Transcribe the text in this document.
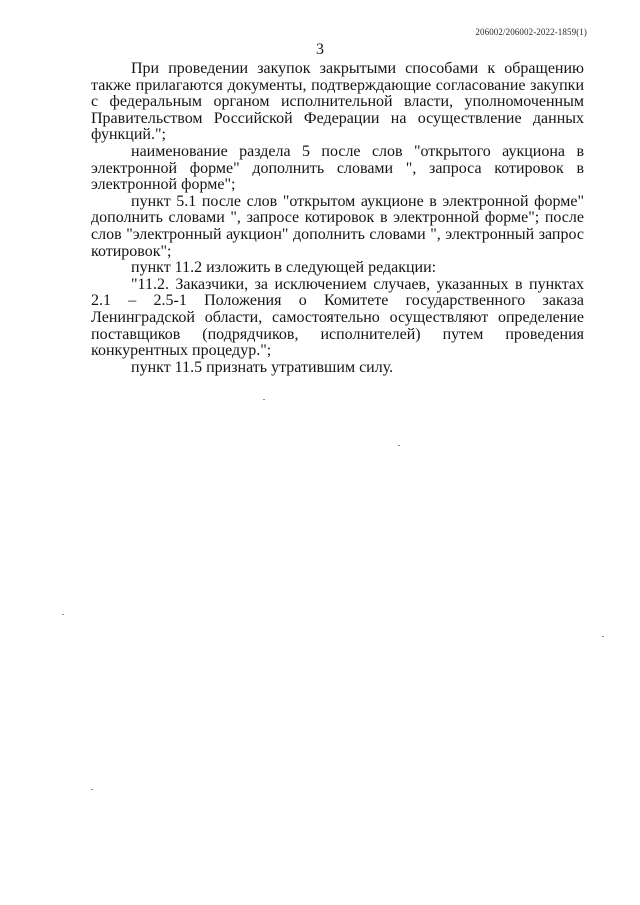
206002/206002-2022-1859(1)
3

При проведении закупок закрытыми способами к обращению также прилагаются документы, подтверждающие согласование закупки с федеральным органом исполнительной власти, уполномоченным Правительством Российской Федерации на осуществление данных функций.";

наименование раздела 5 после слов "открытого аукциона в электронной форме" дополнить словами ", запроса котировок в электронной форме";

пункт 5.1 после слов "открытом аукционе в электронной форме" дополнить словами ", запросе котировок в электронной форме"; после слов "электронный аукцион" дополнить словами ", электронный запрос котировок";

пункт 11.2 изложить в следующей редакции:

"11.2. Заказчики, за исключением случаев, указанных в пунктах 2.1 – 2.5-1 Положения о Комитете государственного заказа Ленинградской области, самостоятельно осуществляют определение поставщиков (подрядчиков, исполнителей) путем проведения конкурентных процедур.";

пункт 11.5 признать утратившим силу.
